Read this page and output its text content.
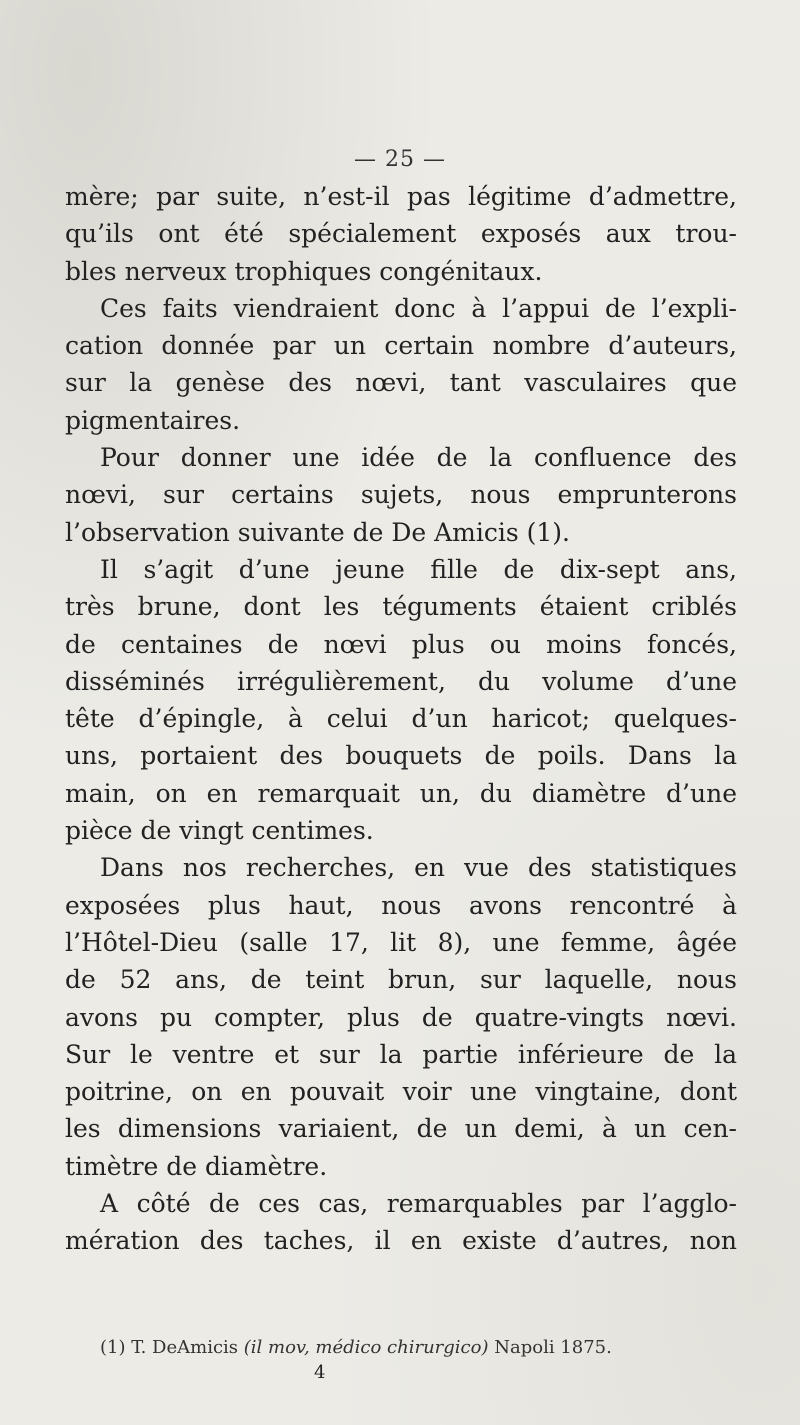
— 25 —
mère; par suite, n’est-il pas légitime d’admettre,
qu’ils ont été spécialement exposés aux trou-
bles nerveux trophiques congénitaux.
Ces faits viendraient donc à l’appui de l’expli-
cation donnée par un certain nombre d’auteurs,
sur la genèse des nœvi, tant vasculaires que
pigmentaires.
Pour donner une idée de la confluence des
nœvi, sur certains sujets, nous emprunterons
l’observation suivante de De Amicis (1).
Il s’agit d’une jeune fille de dix-sept ans,
très brune, dont les téguments étaient criblés
de centaines de nœvi plus ou moins foncés,
disséminés irrégulièrement, du volume d’une
tête d’épingle, à celui d’un haricot; quelques-
uns, portaient des bouquets de poils. Dans la
main, on en remarquait un, du diamètre d’une
pièce de vingt centimes.
Dans nos recherches, en vue des statistiques
exposées plus haut, nous avons rencontré à
l’Hôtel-Dieu (salle 17, lit 8), une femme, âgée
de 52 ans, de teint brun, sur laquelle, nous
avons pu compter, plus de quatre-vingts nœvi.
Sur le ventre et sur la partie inférieure de la
poitrine, on en pouvait voir une vingtaine, dont
les dimensions variaient, de un demi, à un cen-
timètre de diamètre.
A côté de ces cas, remarquables par l’agglo-
mération des taches, il en existe d’autres, non
(1) T. DeAmicis (il mov, médico chirurgico) Napoli 1875.
4
